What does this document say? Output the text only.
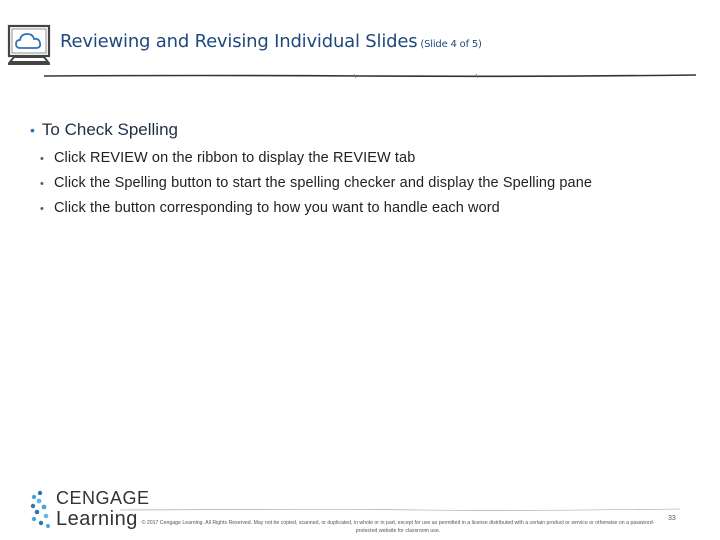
Reviewing and Revising Individual Slides (Slide 4 of 5)
• To Check Spelling
• Click REVIEW on the ribbon to display the REVIEW tab
• Click the Spelling button to start the spelling checker and display the Spelling pane
• Click the button corresponding to how you want to handle each word
CENGAGE
Learning © 2017 Cengage Learning. All Rights Reserved. May not be copied, scanned, or duplicated, in whole or in part, except for use as permitted in a license distributed with a certain product or service or otherwise on a password-protected website for classroom use.
33
